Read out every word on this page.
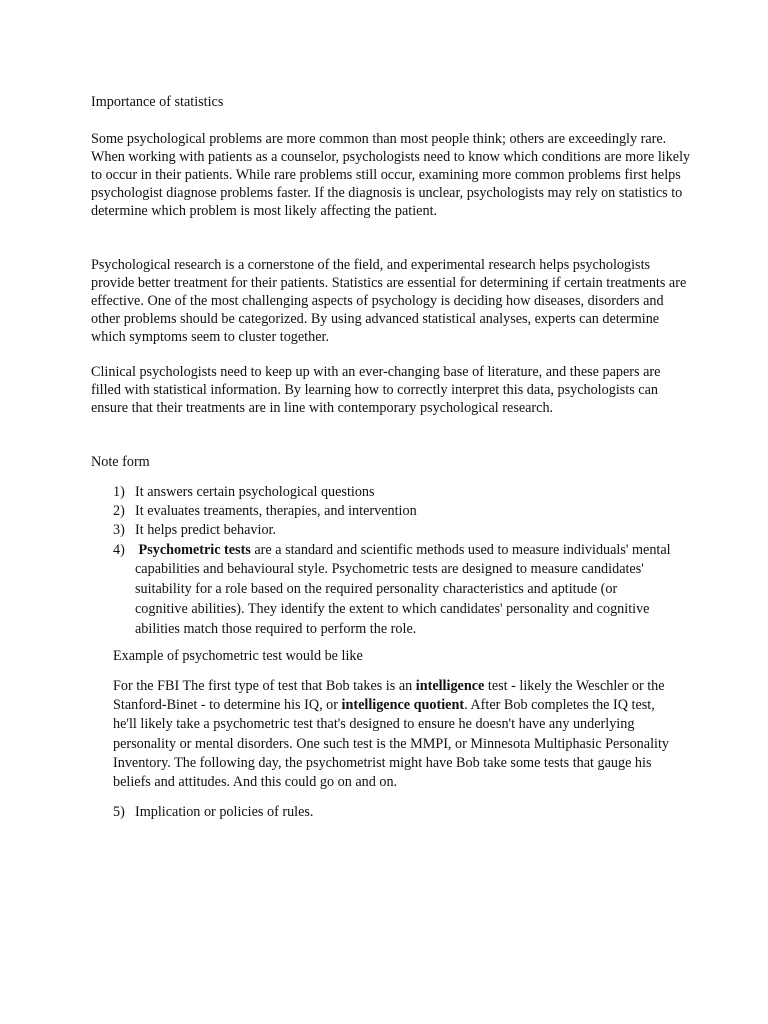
Importance of statistics

Some psychological problems are more common than most people think; others are exceedingly rare. When working with patients as a counselor, psychologists need to know which conditions are more likely to occur in their patients. While rare problems still occur, examining more common problems first helps psychologist diagnose problems faster. If the diagnosis is unclear, psychologists may rely on statistics to determine which problem is most likely affecting the patient.

Psychological research is a cornerstone of the field, and experimental research helps psychologists provide better treatment for their patients. Statistics are essential for determining if certain treatments are effective. One of the most challenging aspects of psychology is deciding how diseases, disorders and other problems should be categorized. By using advanced statistical analyses, experts can determine which symptoms seem to cluster together.

Clinical psychologists need to keep up with an ever-changing base of literature, and these papers are filled with statistical information. By learning how to correctly interpret this data, psychologists can ensure that their treatments are in line with contemporary psychological research.

Note form

1) It answers certain psychological questions
2) It evaluates treaments, therapies, and intervention
3) It helps predict behavior.
4) Psychometric tests are a standard and scientific methods used to measure individuals' mental capabilities and behavioural style. Psychometric tests are designed to measure candidates' suitability for a role based on the required personality characteristics and aptitude (or cognitive abilities). They identify the extent to which candidates' personality and cognitive abilities match those required to perform the role.

Example of psychometric test would be like

For the FBI The first type of test that Bob takes is an intelligence test - likely the Weschler or the Stanford-Binet - to determine his IQ, or intelligence quotient. After Bob completes the IQ test, he'll likely take a psychometric test that's designed to ensure he doesn't have any underlying personality or mental disorders. One such test is the MMPI, or Minnesota Multiphasic Personality Inventory. The following day, the psychometrist might have Bob take some tests that gauge his beliefs and attitudes. And this could go on and on.

5) Implication or policies of rules.
